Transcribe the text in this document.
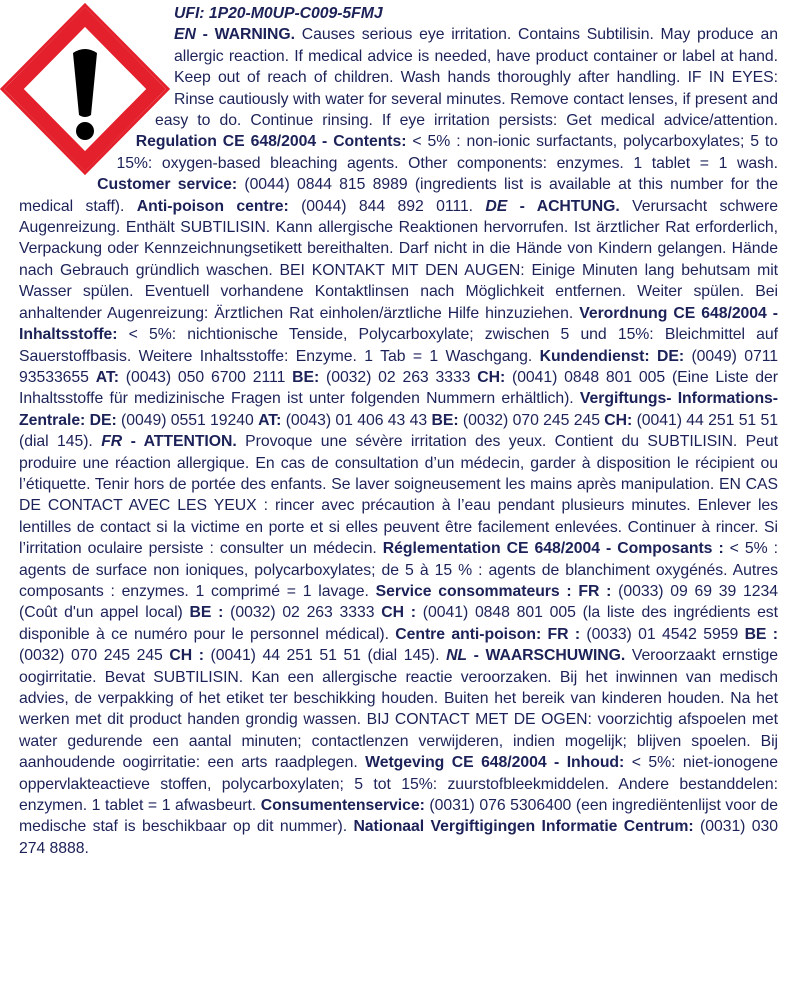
UFI: 1P20-M0UP-C009-5FMJ
EN - WARNING. Causes serious eye irritation. Contains Subtilisin. May produce an allergic reaction. If medical advice is needed, have product container or label at hand. Keep out of reach of children. Wash hands thoroughly after handling. IF IN EYES: Rinse cautiously with water for several minutes. Remove contact lenses, if present and easy to do. Continue rinsing. If eye irritation persists: Get medical advice/attention. Regulation CE 648/2004 - Contents: < 5% : non-ionic surfactants, polycarboxylates; 5 to 15%: oxygen-based bleaching agents. Other components: enzymes. 1 tablet = 1 wash. Customer service: (0044) 0844 815 8989 (ingredients list is available at this number for the medical staff). Anti-poison centre: (0044) 844 892 0111. DE - ACHTUNG. Verursacht schwere Augenreizung. Enthält SUBTILISIN. Kann allergische Reaktionen hervorrufen. Ist ärztlicher Rat erforderlich, Verpackung oder Kennzeichnungsetikett bereithalten. Darf nicht in die Hände von Kindern gelangen. Hände nach Gebrauch gründlich waschen. BEI KONTAKT MIT DEN AUGEN: Einige Minuten lang behutsam mit Wasser spülen. Eventuell vorhandene Kontaktlinsen nach Möglichkeit entfernen. Weiter spülen. Bei anhaltender Augenreizung: Ärztlichen Rat einholen/ärztliche Hilfe hinzuziehen. Verordnung CE 648/2004 - Inhaltsstoffe: < 5%: nichtionische Tenside, Polycarboxylate; zwischen 5 und 15%: Bleichmittel auf Sauerstoffbasis. Weitere Inhaltsstoffe: Enzyme. 1 Tab = 1 Waschgang. Kundendienst: DE: (0049) 0711 93533655 AT: (0043) 050 6700 2111 BE: (0032) 02 263 3333 CH: (0041) 0848 801 005 (Eine Liste der Inhaltsstoffe für medizinische Fragen ist unter folgenden Nummern erhältlich). Vergiftungs- Informations- Zentrale: DE: (0049) 0551 19240 AT: (0043) 01 406 43 43 BE: (0032) 070 245 245 CH: (0041) 44 251 51 51 (dial 145). FR - ATTENTION. Provoque une sévère irritation des yeux. Contient du SUBTILISIN. Peut produire une réaction allergique. En cas de consultation d’un médecin, garder à disposition le récipient ou l’étiquette. Tenir hors de portée des enfants. Se laver soigneusement les mains après manipulation. EN CAS DE CONTACT AVEC LES YEUX : rincer avec précaution à l’eau pendant plusieurs minutes. Enlever les lentilles de contact si la victime en porte et si elles peuvent être facilement enlevées. Continuer à rincer. Si l’irritation oculaire persiste : consulter un médecin. Réglementation CE 648/2004 - Composants : < 5% : agents de surface non ioniques, polycarboxylates; de 5 à 15 % : agents de blanchiment oxygénés. Autres composants : enzymes. 1 comprimé = 1 lavage. Service consommateurs : FR : (0033) 09 69 39 1234 (Coût d'un appel local) BE : (0032) 02 263 3333 CH : (0041) 0848 801 005 (la liste des ingrédients est disponible à ce numéro pour le personnel médical). Centre anti-poison: FR : (0033) 01 4542 5959 BE : (0032) 070 245 245 CH : (0041) 44 251 51 51 (dial 145). NL - WAARSCHUWING. Veroorzaakt ernstige oogirritatie. Bevat SUBTILISIN. Kan een allergische reactie veroorzaken. Bij het inwinnen van medisch advies, de verpakking of het etiket ter beschikking houden. Buiten het bereik van kinderen houden. Na het werken met dit product handen grondig wassen. BIJ CONTACT MET DE OGEN: voorzichtig afspoelen met water gedurende een aantal minuten; contactlenzen verwijderen, indien mogelijk; blijven spoelen. Bij aanhoudende oogirritatie: een arts raadplegen. Wetgeving CE 648/2004 - Inhoud: < 5%: niet-ionogene oppervlakteactieve stoffen, polycarboxylaten; 5 tot 15%: zuurstofbleekmiddelen. Andere bestanddelen: enzymen. 1 tablet = 1 afwasbeurt. Consumentenservice: (0031) 076 5306400 (een ingrediëntenlijst voor de medische staf is beschikbaar op dit nummer). Nationaal Vergiftigingen Informatie Centrum: (0031) 030 274 8888.
